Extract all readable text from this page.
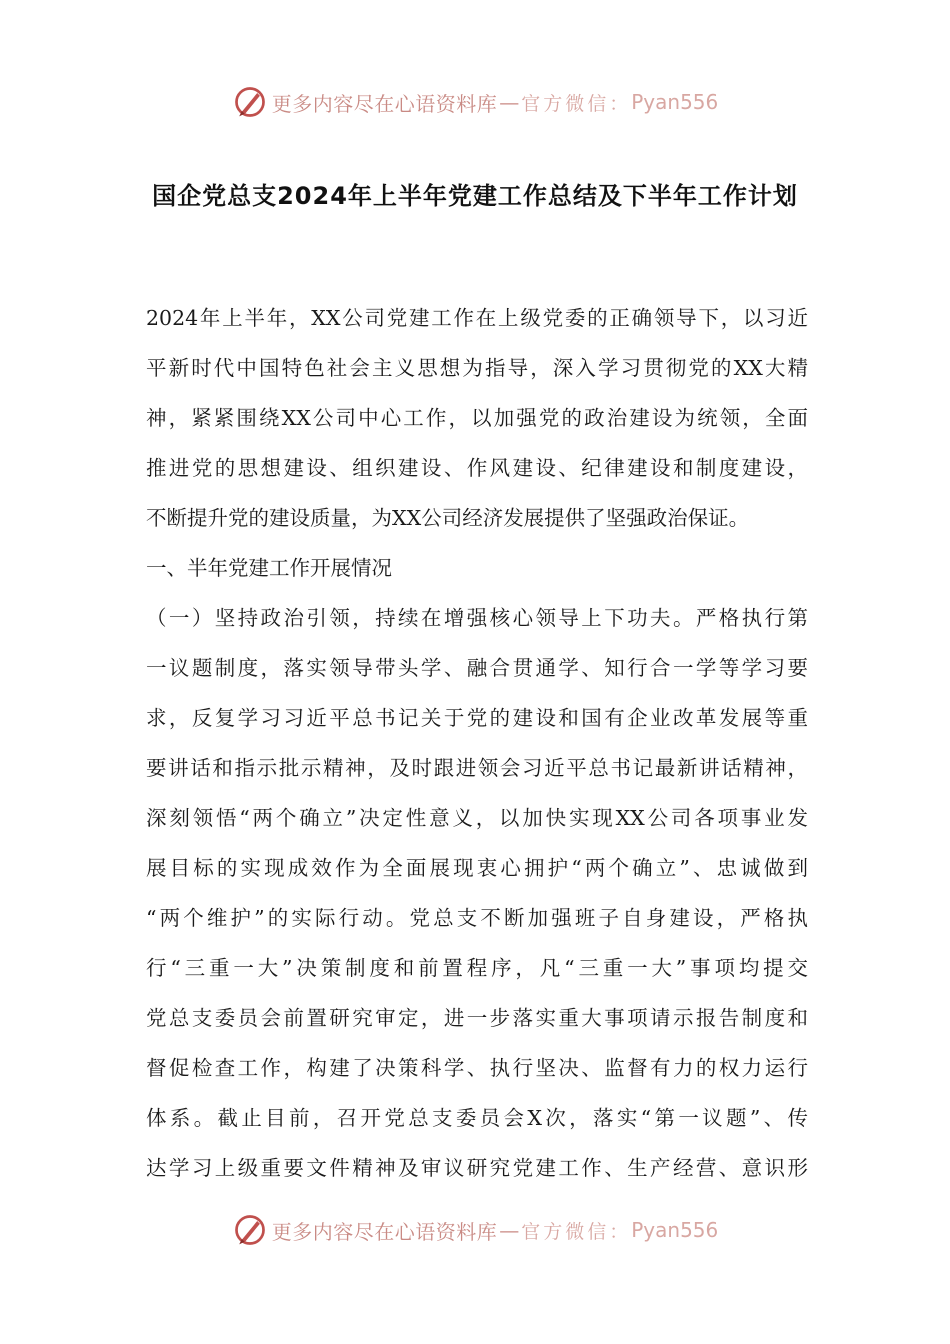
更多内容尽在心语资料库 — 官方微信： Pyan556
国企党总支2024年上半年党建工作总结及下半年工作计划
2024年上半年，XX公司党建工作在上级党委的正确领导下，以习近
平新时代中国特色社会主义思想为指导，深入学习贯彻党的XX大精
神，紧紧围绕XX公司中心工作，以加强党的政治建设为统领，全面
推进党的思想建设、组织建设、作风建设、纪律建设和制度建设，
不断提升党的建设质量，为XX公司经济发展提供了坚强政治保证。
一、半年党建工作开展情况
（一）坚持政治引领，持续在增强核心领导上下功夫。严格执行第
一议题制度，落实领导带头学、融合贯通学、知行合一学等学习要
求，反复学习习近平总书记关于党的建设和国有企业改革发展等重
要讲话和指示批示精神，及时跟进领会习近平总书记最新讲话精神，
深刻领悟“两个确立”决定性意义，以加快实现XX公司各项事业发
展目标的实现成效作为全面展现衷心拥护“两个确立”、忠诚做到
“两个维护”的实际行动。党总支不断加强班子自身建设，严格执
行“三重一大”决策制度和前置程序，凡“三重一大”事项均提交
党总支委员会前置研究审定，进一步落实重大事项请示报告制度和
督促检查工作，构建了决策科学、执行坚决、监督有力的权力运行
体系。截止目前，召开党总支委员会X次，落实“第一议题”、传
达学习上级重要文件精神及审议研究党建工作、生产经营、意识形
更多内容尽在心语资料库 — 官方微信： Pyan556
